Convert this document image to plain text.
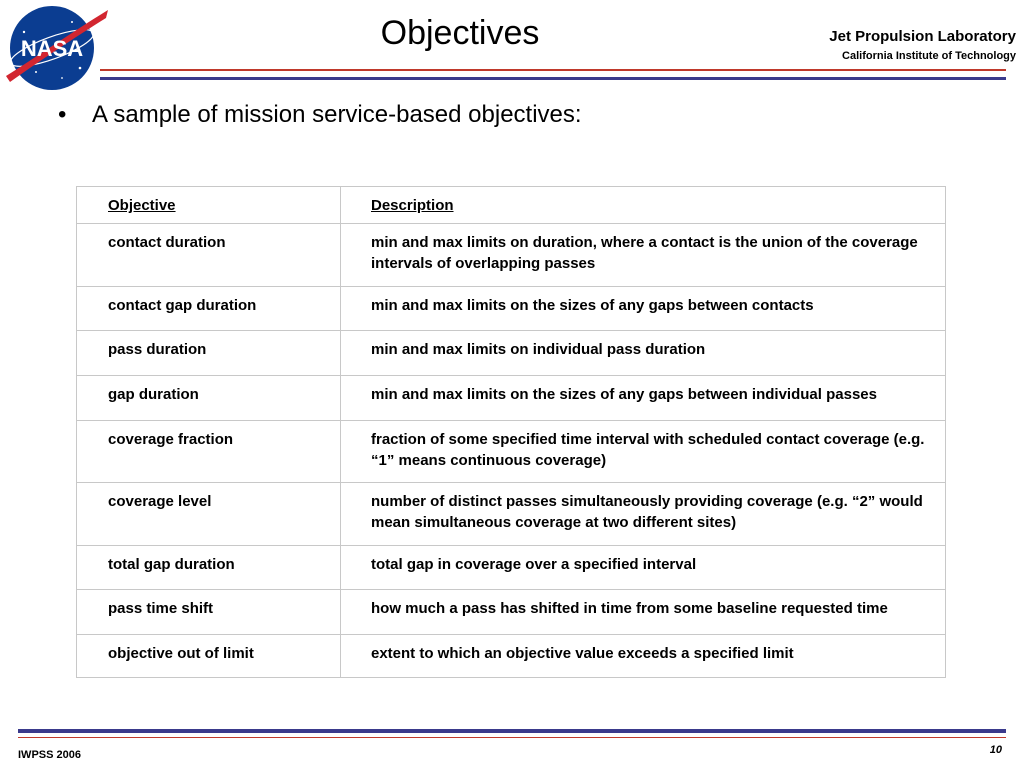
NASA	Objectives	Jet Propulsion Laboratory
California Institute of Technology
• A sample of mission service-based objectives:
Objective	Description
contact duration	min and max limits on duration, where a contact is the union of the coverage intervals of overlapping passes
contact gap duration	min and max limits on the sizes of any gaps between contacts
pass duration	min and max limits on individual pass duration
gap duration	min and max limits on the sizes of any gaps between individual passes
coverage fraction	fraction of some specified time interval with scheduled contact coverage (e.g. “1” means continuous coverage)
coverage level	number of distinct passes simultaneously providing coverage (e.g. “2” would mean simultaneous coverage at two different sites)
total gap duration	total gap in coverage over a specified interval
pass time shift	how much a pass has shifted in time from some baseline requested time
objective out of limit	extent to which an objective value exceeds a specified limit
IWPSS 2006	10
